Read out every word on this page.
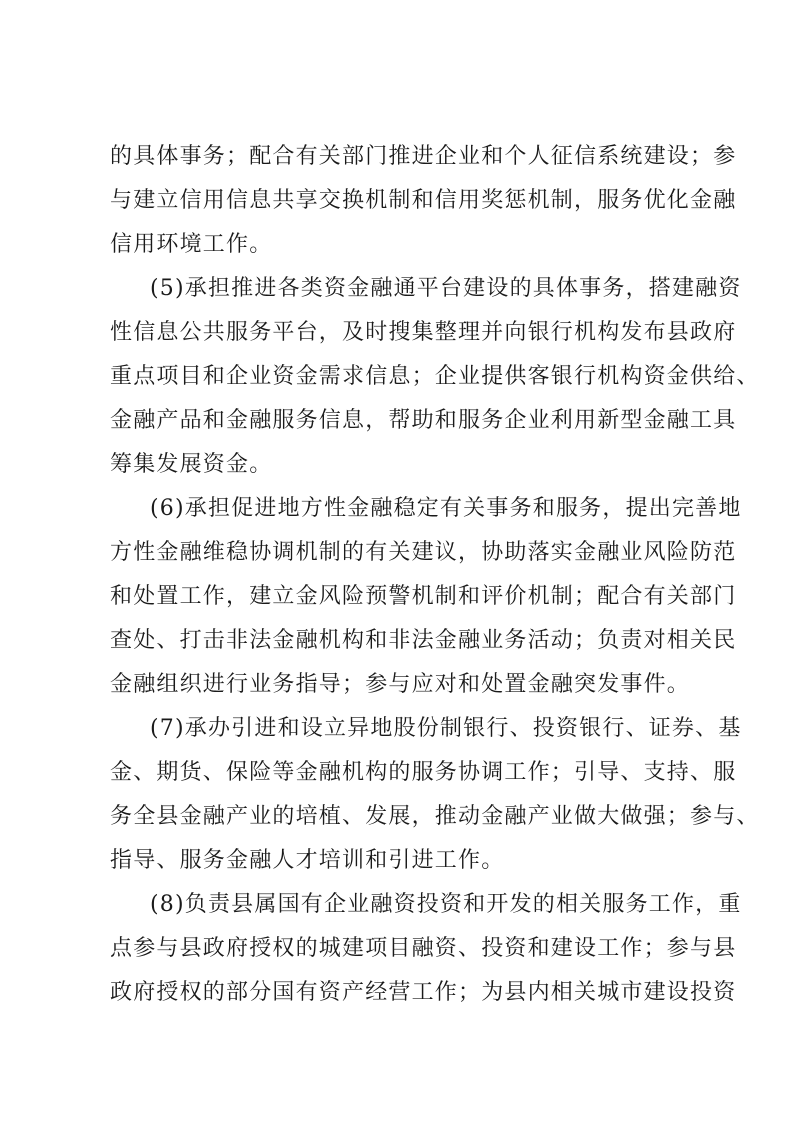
的具体事务；配合有关部门推进企业和个人征信系统建设；参
与建立信用信息共享交换机制和信用奖惩机制，服务优化金融
信用环境工作。
(5)承担推进各类资金融通平台建设的具体事务，搭建融资
性信息公共服务平台，及时搜集整理并向银行机构发布县政府
重点项目和企业资金需求信息；企业提供客银行机构资金供给、
金融产品和金融服务信息，帮助和服务企业利用新型金融工具
筹集发展资金。
(6)承担促进地方性金融稳定有关事务和服务，提出完善地
方性金融维稳协调机制的有关建议，协助落实金融业风险防范
和处置工作，建立金风险预警机制和评价机制；配合有关部门
查处、打击非法金融机构和非法金融业务活动；负责对相关民
金融组织进行业务指导；参与应对和处置金融突发事件。
(7)承办引进和设立异地股份制银行、投资银行、证券、基
金、期货、保险等金融机构的服务协调工作；引导、支持、服
务全县金融产业的培植、发展，推动金融产业做大做强；参与、
指导、服务金融人才培训和引进工作。
(8)负责县属国有企业融资投资和开发的相关服务工作，重
点参与县政府授权的城建项目融资、投资和建设工作；参与县
政府授权的部分国有资产经营工作；为县内相关城市建设投资
